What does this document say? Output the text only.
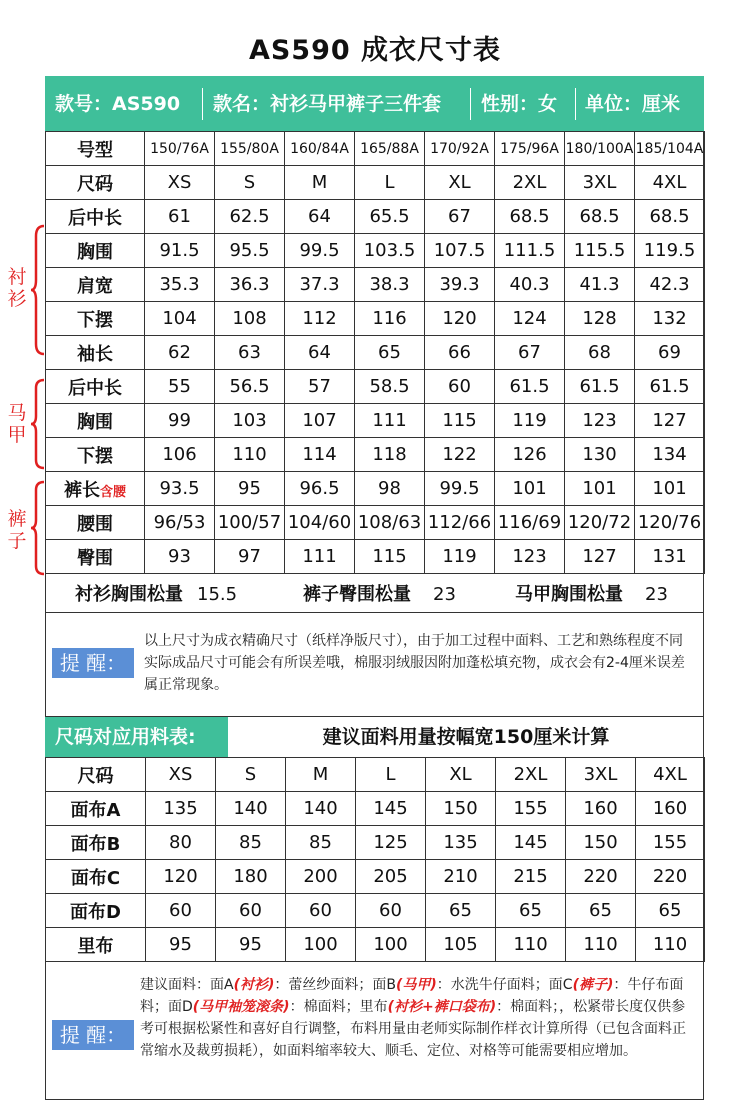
AS590 成衣尺寸表
款号：AS590 款名：衬衫马甲裤子三件套 性别：女 单位：厘米
号型	150/76A	155/80A	160/84A	165/88A	170/92A	175/96A	180/100A	185/104A
尺码	XS	S	M	L	XL	2XL	3XL	4XL
后中长	61	62.5	64	65.5	67	68.5	68.5	68.5
胸围	91.5	95.5	99.5	103.5	107.5	111.5	115.5	119.5
肩宽	35.3	36.3	37.3	38.3	39.3	40.3	41.3	42.3
下摆	104	108	112	116	120	124	128	132
袖长	62	63	64	65	66	67	68	69
后中长	55	56.5	57	58.5	60	61.5	61.5	61.5
胸围	99	103	107	111	115	119	123	127
下摆	106	110	114	118	122	126	130	134
裤长含腰	93.5	95	96.5	98	99.5	101	101	101
腰围	96/53	100/57	104/60	108/63	112/66	116/69	120/72	120/76
臀围	93	97	111	115	119	123	127	131
衬衫
马甲
裤子
衬衫胸围松量 15.5	裤子臀围松量 23	马甲胸围松量 23
提 醒：
以上尺寸为成衣精确尺寸（纸样净版尺寸），由于加工过程中面料、工艺和熟练程度不同实际成品尺寸可能会有所误差哦，棉服羽绒服因附加蓬松填充物，成衣会有2-4厘米误差属正常现象。
尺码对应用料表:	建议面料用量按幅宽150厘米计算
尺码	XS	S	M	L	XL	2XL	3XL	4XL
面布A	135	140	140	145	150	155	160	160
面布B	80	85	85	125	135	145	150	155
面布C	120	180	200	205	210	215	220	220
面布D	60	60	60	60	65	65	65	65
里布	95	95	100	100	105	110	110	110
提 醒：
建议面料：面A(衬衫)：蕾丝纱面料；面B(马甲)：水洗牛仔面料；面C(裤子)：牛仔布面料；面D(马甲袖笼滚条)：棉面料；里布(衬衫+裤口袋布)：棉面料；，松紧带长度仅供参考可根据松紧性和喜好自行调整，布料用量由老师实际制作样衣计算所得（已包含面料正常缩水及裁剪损耗），如面料缩率较大、顺毛、定位、对格等可能需要相应增加。
